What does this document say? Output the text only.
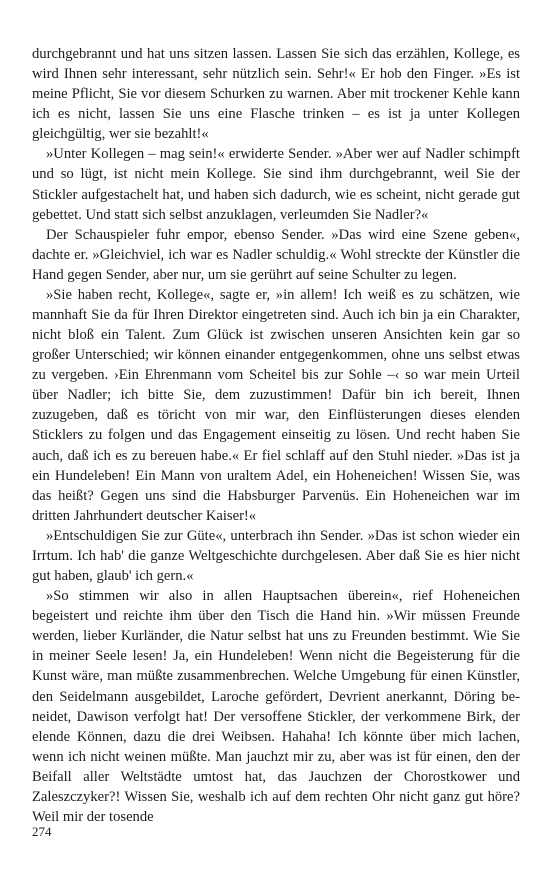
durchgebrannt und hat uns sitzen lassen. Lassen Sie sich das erzählen, Kollege, es wird Ihnen sehr interessant, sehr nützlich sein. Sehr!« Er hob den Finger. »Es ist meine Pflicht, Sie vor diesem Schurken zu warnen. Aber mit trockener Kehle kann ich es nicht, lassen Sie uns eine Flasche trinken – es ist ja unter Kollegen gleichgültig, wer sie bezahlt!«

»Unter Kollegen – mag sein!« erwiderte Sender. »Aber wer auf Nadler schimpft und so lügt, ist nicht mein Kollege. Sie sind ihm durchgebrannt, weil Sie der Stickler aufgestachelt hat, und haben sich dadurch, wie es scheint, nicht gerade gut gebettet. Und statt sich selbst anzuklagen, verleumden Sie Nadler?«

Der Schauspieler fuhr empor, ebenso Sender. »Das wird eine Szene geben«, dachte er. »Gleichviel, ich war es Nadler schuldig.« Wohl streckte der Künstler die Hand gegen Sender, aber nur, um sie gerührt auf seine Schulter zu legen.

»Sie haben recht, Kollege«, sagte er, »in allem! Ich weiß es zu schätzen, wie mannhaft Sie da für Ihren Direktor eingetreten sind. Auch ich bin ja ein Charakter, nicht bloß ein Talent. Zum Glück ist zwischen unseren Ansichten kein gar so großer Unterschied; wir können einander entgegenkommen, ohne uns selbst etwas zu vergeben. ›Ein Ehrenmann vom Scheitel bis zur Sohle –‹ so war mein Urteil über Nadler; ich bitte Sie, dem zuzustimmen! Dafür bin ich bereit, Ihnen zuzugeben, daß es töricht von mir war, den Einflüsterungen dieses elenden Sticklers zu folgen und das Engagement einseitig zu lösen. Und recht haben Sie auch, daß ich es zu bereuen habe.« Er fiel schlaff auf den Stuhl nieder. »Das ist ja ein Hundeleben! Ein Mann von uraltem Adel, ein Hoheneichen! Wissen Sie, was das heißt? Gegen uns sind die Habsburger Parvenüs. Ein Hoheneichen war im dritten Jahrhundert deutscher Kaiser!«

»Entschuldigen Sie zur Güte«, unterbrach ihn Sender. »Das ist schon wieder ein Irrtum. Ich hab' die ganze Weltgeschichte durchgelesen. Aber daß Sie es hier nicht gut haben, glaub' ich gern.«

»So stimmen wir also in allen Hauptsachen überein«, rief Hoheneichen begeistert und reichte ihm über den Tisch die Hand hin. »Wir müssen Freunde werden, lieber Kurländer, die Natur selbst hat uns zu Freunden bestimmt. Wie Sie in meiner Seele lesen! Ja, ein Hundeleben! Wenn nicht die Begeisterung für die Kunst wäre, man müßte zusammenbrechen. Welche Umgebung für einen Künstler, den Seidelmann ausgebildet, Laroche gefördert, Devrient anerkannt, Döring beneidet, Dawison verfolgt hat! Der versoffene Stickler, der verkommene Birk, der elende Können, dazu die drei Weibsen. Hahaha! Ich könnte über mich lachen, wenn ich nicht weinen müßte. Man jauchzt mir zu, aber was ist für einen, den der Beifall aller Weltstädte umtost hat, das Jauchzen der Chorostkower und Zaleszczyker?! Wissen Sie, weshalb ich auf dem rechten Ohr nicht ganz gut höre? Weil mir der tosende

274
